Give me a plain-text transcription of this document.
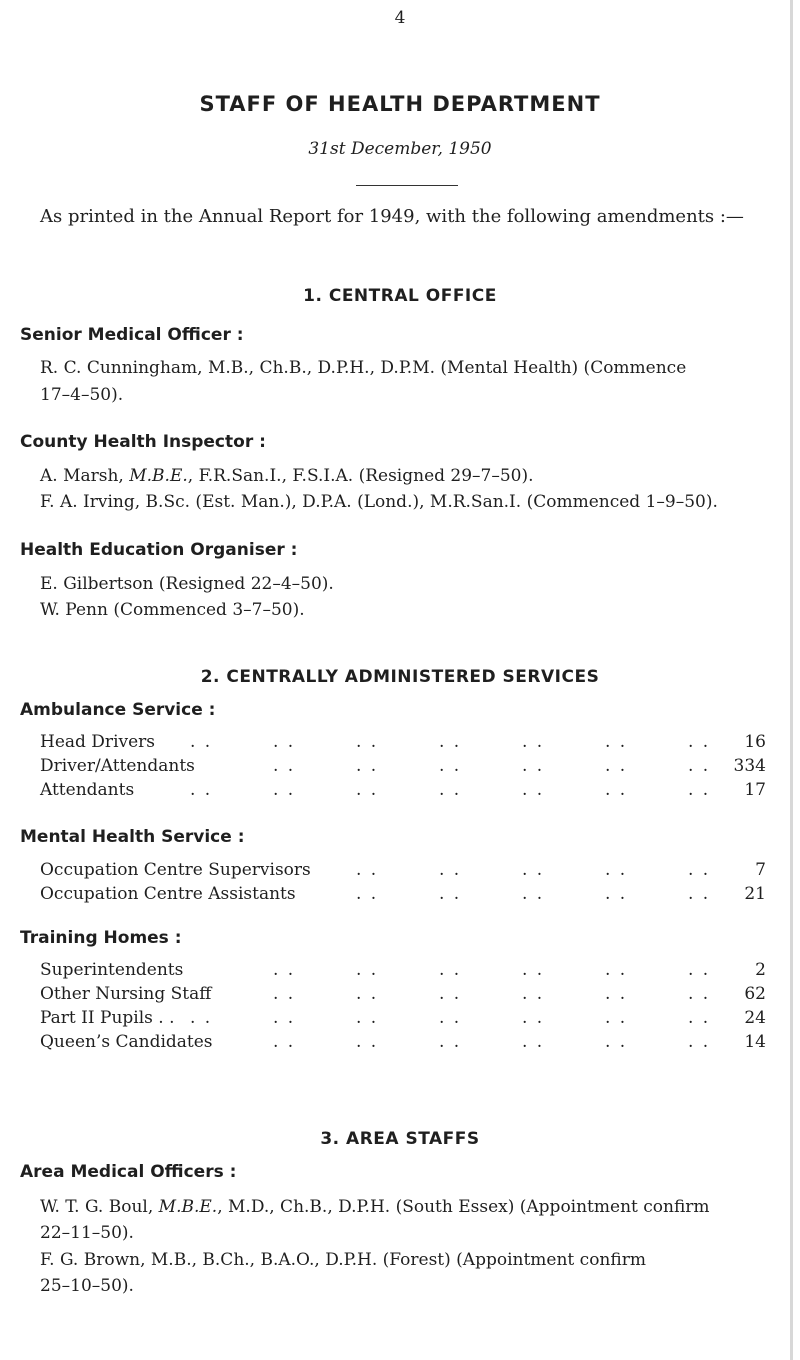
4
STAFF OF HEALTH DEPARTMENT
31st December, 1950
As printed in the Annual Report for 1949, with the following amendments :—
1. CENTRAL OFFICE
Senior Medical Officer :
R. C. Cunningham, M.B., Ch.B., D.P.H., D.P.M. (Mental Health) (Commence
17–4–50).
County Health Inspector :
A. Marsh, M.B.E., F.R.San.I., F.S.I.A. (Resigned 29–7–50).
F. A. Irving, B.Sc. (Est. Man.), D.P.A. (Lond.), M.R.San.I. (Commenced 1–9–50).
Health Education Organiser :
E. Gilbertson (Resigned 22–4–50).
W. Penn (Commenced 3–7–50).
2. CENTRALLY ADMINISTERED SERVICES
Ambulance Service :
Head Drivers . .	. .	. .	. .	. .	. .	. . 16
Driver/Attendants	. .	. .	. .	. .	. .	. . 334
Attendants	. .	. .	. .	. .	. .	. .	. . 17
Mental Health Service :
Occupation Centre Supervisors	. .	. .	. .	. .	. .	7
Occupation Centre Assistants	. .	. .	. .	. .	. . 21
Training Homes :
Superintendents	. .	. .	. .	. .	. .	. .	2
Other Nursing Staff	. .	. .	. .	. .	. .	. . 62
Part II Pupils . . . .	. .	. .	. .	. .	. .	. . 24
Queen’s Candidates	. .	. .	. .	. .	. .	. . 14
3. AREA STAFFS
Area Medical Officers :
W. T. G. Boul, M.B.E., M.D., Ch.B., D.P.H. (South Essex) (Appointment confirm
22–11–50).
F. G. Brown, M.B., B.Ch., B.A.O., D.P.H. (Forest) (Appointment confirm
25–10–50).
